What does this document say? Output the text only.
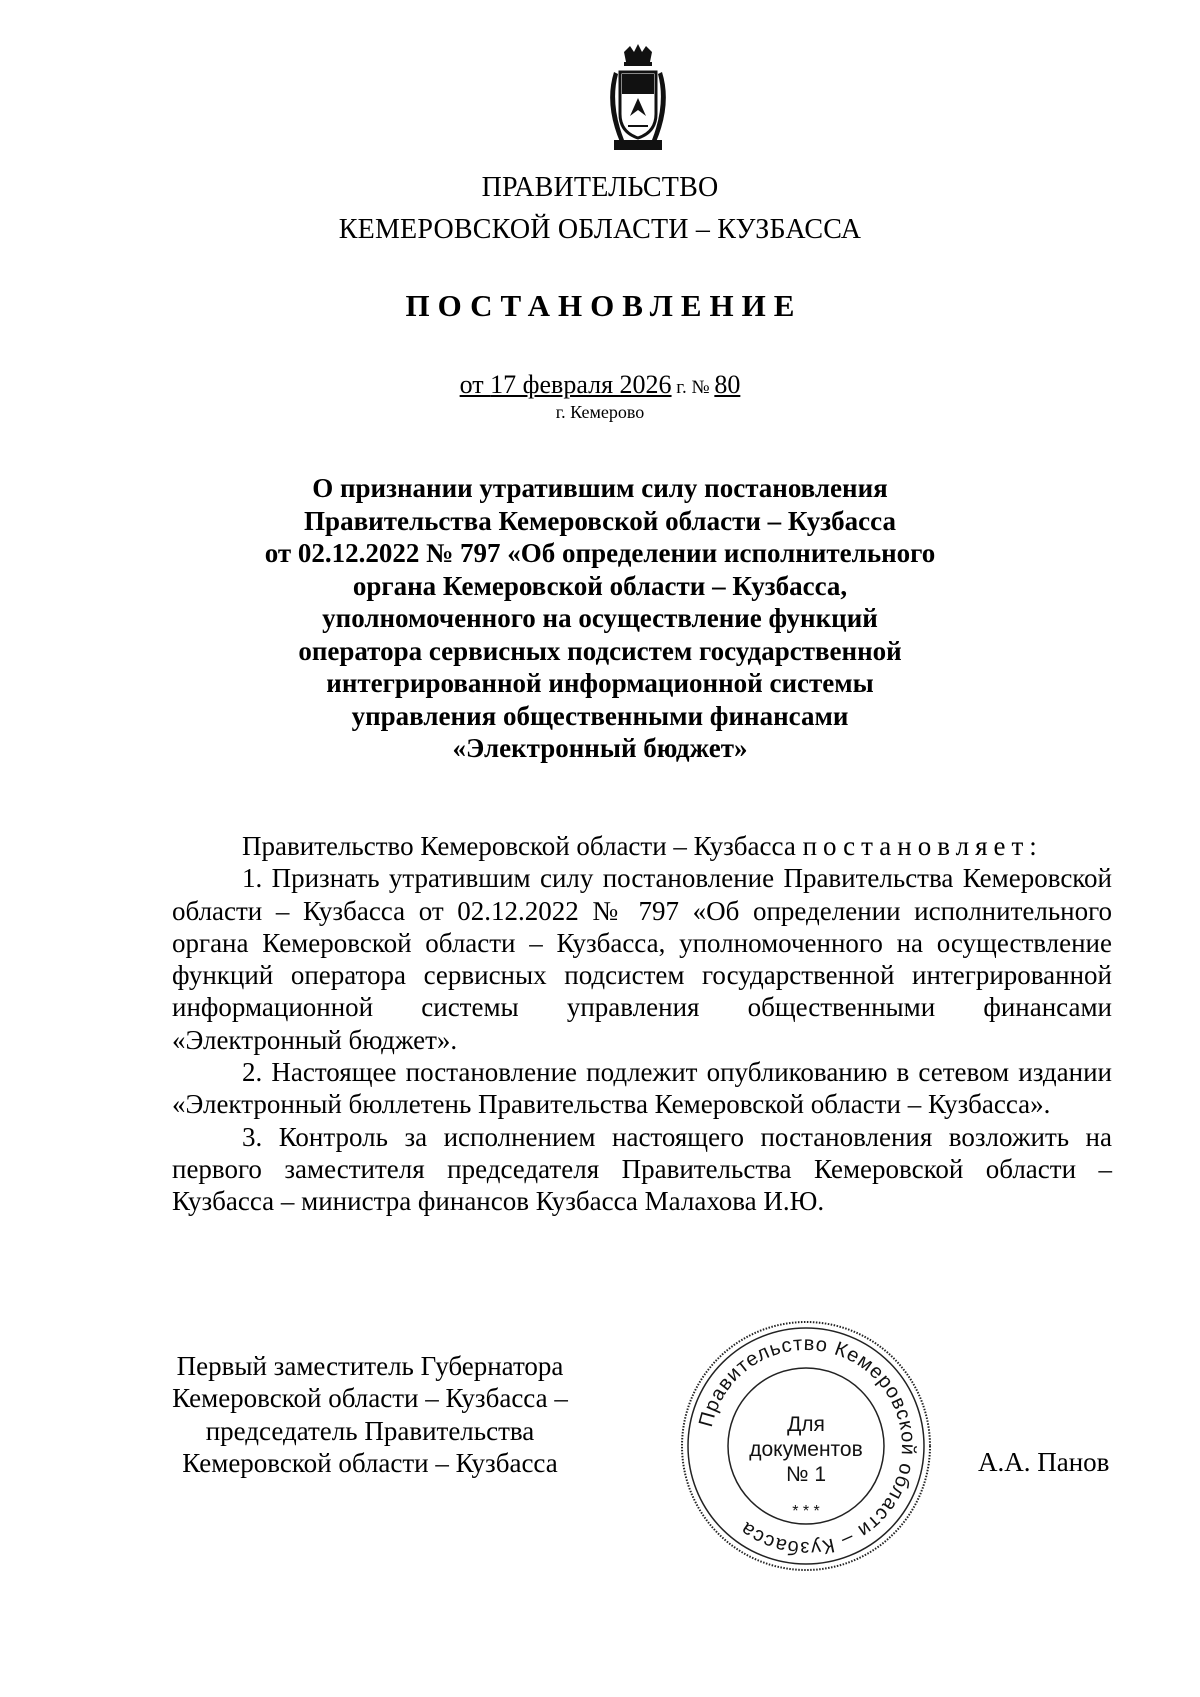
ПРАВИТЕЛЬСТВО
КЕМЕРОВСКОЙ ОБЛАСТИ – КУЗБАССА
ПОСТАНОВЛЕНИЕ
от 17 февраля 2026 г. № 80
г. Кемерово
О признании утратившим силу постановления
Правительства Кемеровской области – Кузбасса
от 02.12.2022 № 797 «Об определении исполнительного
органа Кемеровской области – Кузбасса,
уполномоченного на осуществление функций
оператора сервисных подсистем государственной
интегрированной информационной системы
управления общественными финансами
«Электронный бюджет»

Правительство Кемеровской области – Кузбасса постановляет:

1. Признать утратившим силу постановление Правительства Кемеровской области – Кузбасса от 02.12.2022 № 797 «Об определении исполнительного органа Кемеровской области – Кузбасса, уполномоченного на осуществление функций оператора сервисных подсистем государственной интегрированной информационной системы управления общественными финансами «Электронный бюджет».

2. Настоящее постановление подлежит опубликованию в сетевом издании «Электронный бюллетень Правительства Кемеровской области – Кузбасса».

3. Контроль за исполнением настоящего постановления возложить на первого заместителя председателя Правительства Кемеровской области – Кузбасса – министра финансов Кузбасса Малахова И.Ю.

Первый заместитель Губернатора
Кемеровской области – Кузбасса –
председатель Правительства
Кемеровской области – Кузбасса
Правительство Кемеровской области – Кузбасса
* * *
Для
документов
№ 1	А.А. Панов
